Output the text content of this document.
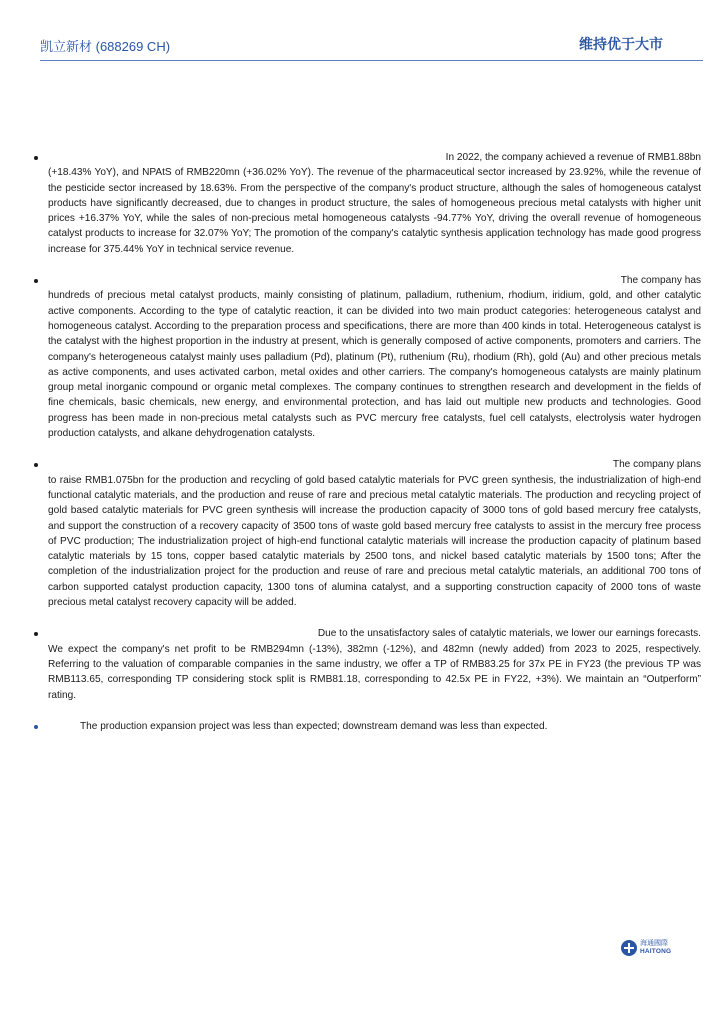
凯立新材 (688269 CH)	维持优于大市

In 2022, the company achieved a revenue of RMB1.88bn
(+18.43% YoY), and NPAtS of RMB220mn (+36.02% YoY). The revenue of the pharmaceutical sector increased by 23.92%, while the revenue of the pesticide sector increased by 18.63%. From the perspective of the company's product structure, although the sales of homogeneous catalyst products have significantly decreased, due to changes in product structure, the sales of homogeneous precious metal catalysts with higher unit prices +16.37% YoY, while the sales of non-precious metal homogeneous catalysts -94.77% YoY, driving the overall revenue of homogeneous catalyst products to increase for 32.07% YoY; The promotion of the company's catalytic synthesis application technology has made good progress increase for 375.44% YoY in technical service revenue.

The company has
hundreds of precious metal catalyst products, mainly consisting of platinum, palladium, ruthenium, rhodium, iridium, gold, and other catalytic active components. According to the type of catalytic reaction, it can be divided into two main product categories: heterogeneous catalyst and homogeneous catalyst. According to the preparation process and specifications, there are more than 400 kinds in total. Heterogeneous catalyst is the catalyst with the highest proportion in the industry at present, which is generally composed of active components, promoters and carriers. The company's heterogeneous catalyst mainly uses palladium (Pd), platinum (Pt), ruthenium (Ru), rhodium (Rh), gold (Au) and other precious metals as active components, and uses activated carbon, metal oxides and other carriers. The company's homogeneous catalysts are mainly platinum group metal inorganic compound or organic metal complexes. The company continues to strengthen research and development in the fields of fine chemicals, basic chemicals, new energy, and environmental protection, and has laid out multiple new products and technologies. Good progress has been made in non-precious metal catalysts such as PVC mercury free catalysts, fuel cell catalysts, electrolysis water hydrogen production catalysts, and alkane dehydrogenation catalysts.

The company plans
to raise RMB1.075bn for the production and recycling of gold based catalytic materials for PVC green synthesis, the industrialization of high-end functional catalytic materials, and the production and reuse of rare and precious metal catalytic materials. The production and recycling project of gold based catalytic materials for PVC green synthesis will increase the production capacity of 3000 tons of gold based mercury free catalysts, and support the construction of a recovery capacity of 3500 tons of waste gold based mercury free catalysts to assist in the mercury free process of PVC production; The industrialization project of high-end functional catalytic materials will increase the production capacity of platinum based catalytic materials by 15 tons, copper based catalytic materials by 2500 tons, and nickel based catalytic materials by 1500 tons; After the completion of the industrialization project for the production and reuse of rare and precious metal catalytic materials, an additional 700 tons of carbon supported catalyst production capacity, 1300 tons of alumina catalyst, and a supporting construction capacity of 2000 tons of waste precious metal catalyst recovery capacity will be added.

Due to the unsatisfactory sales of catalytic materials, we lower our earnings forecasts.
We expect the company's net profit to be RMB294mn (-13%), 382mn (-12%), and 482mn (newly added) from 2023 to 2025, respectively. Referring to the valuation of comparable companies in the same industry, we offer a TP of RMB83.25 for 37x PE in FY23 (the previous TP was RMB113.65, corresponding TP considering stock split is RMB81.18, corresponding to 42.5x PE in FY22, +3%). We maintain an “Outperform” rating.

The production expansion project was less than expected; downstream demand was less than expected.

海通國際
HAITONG
